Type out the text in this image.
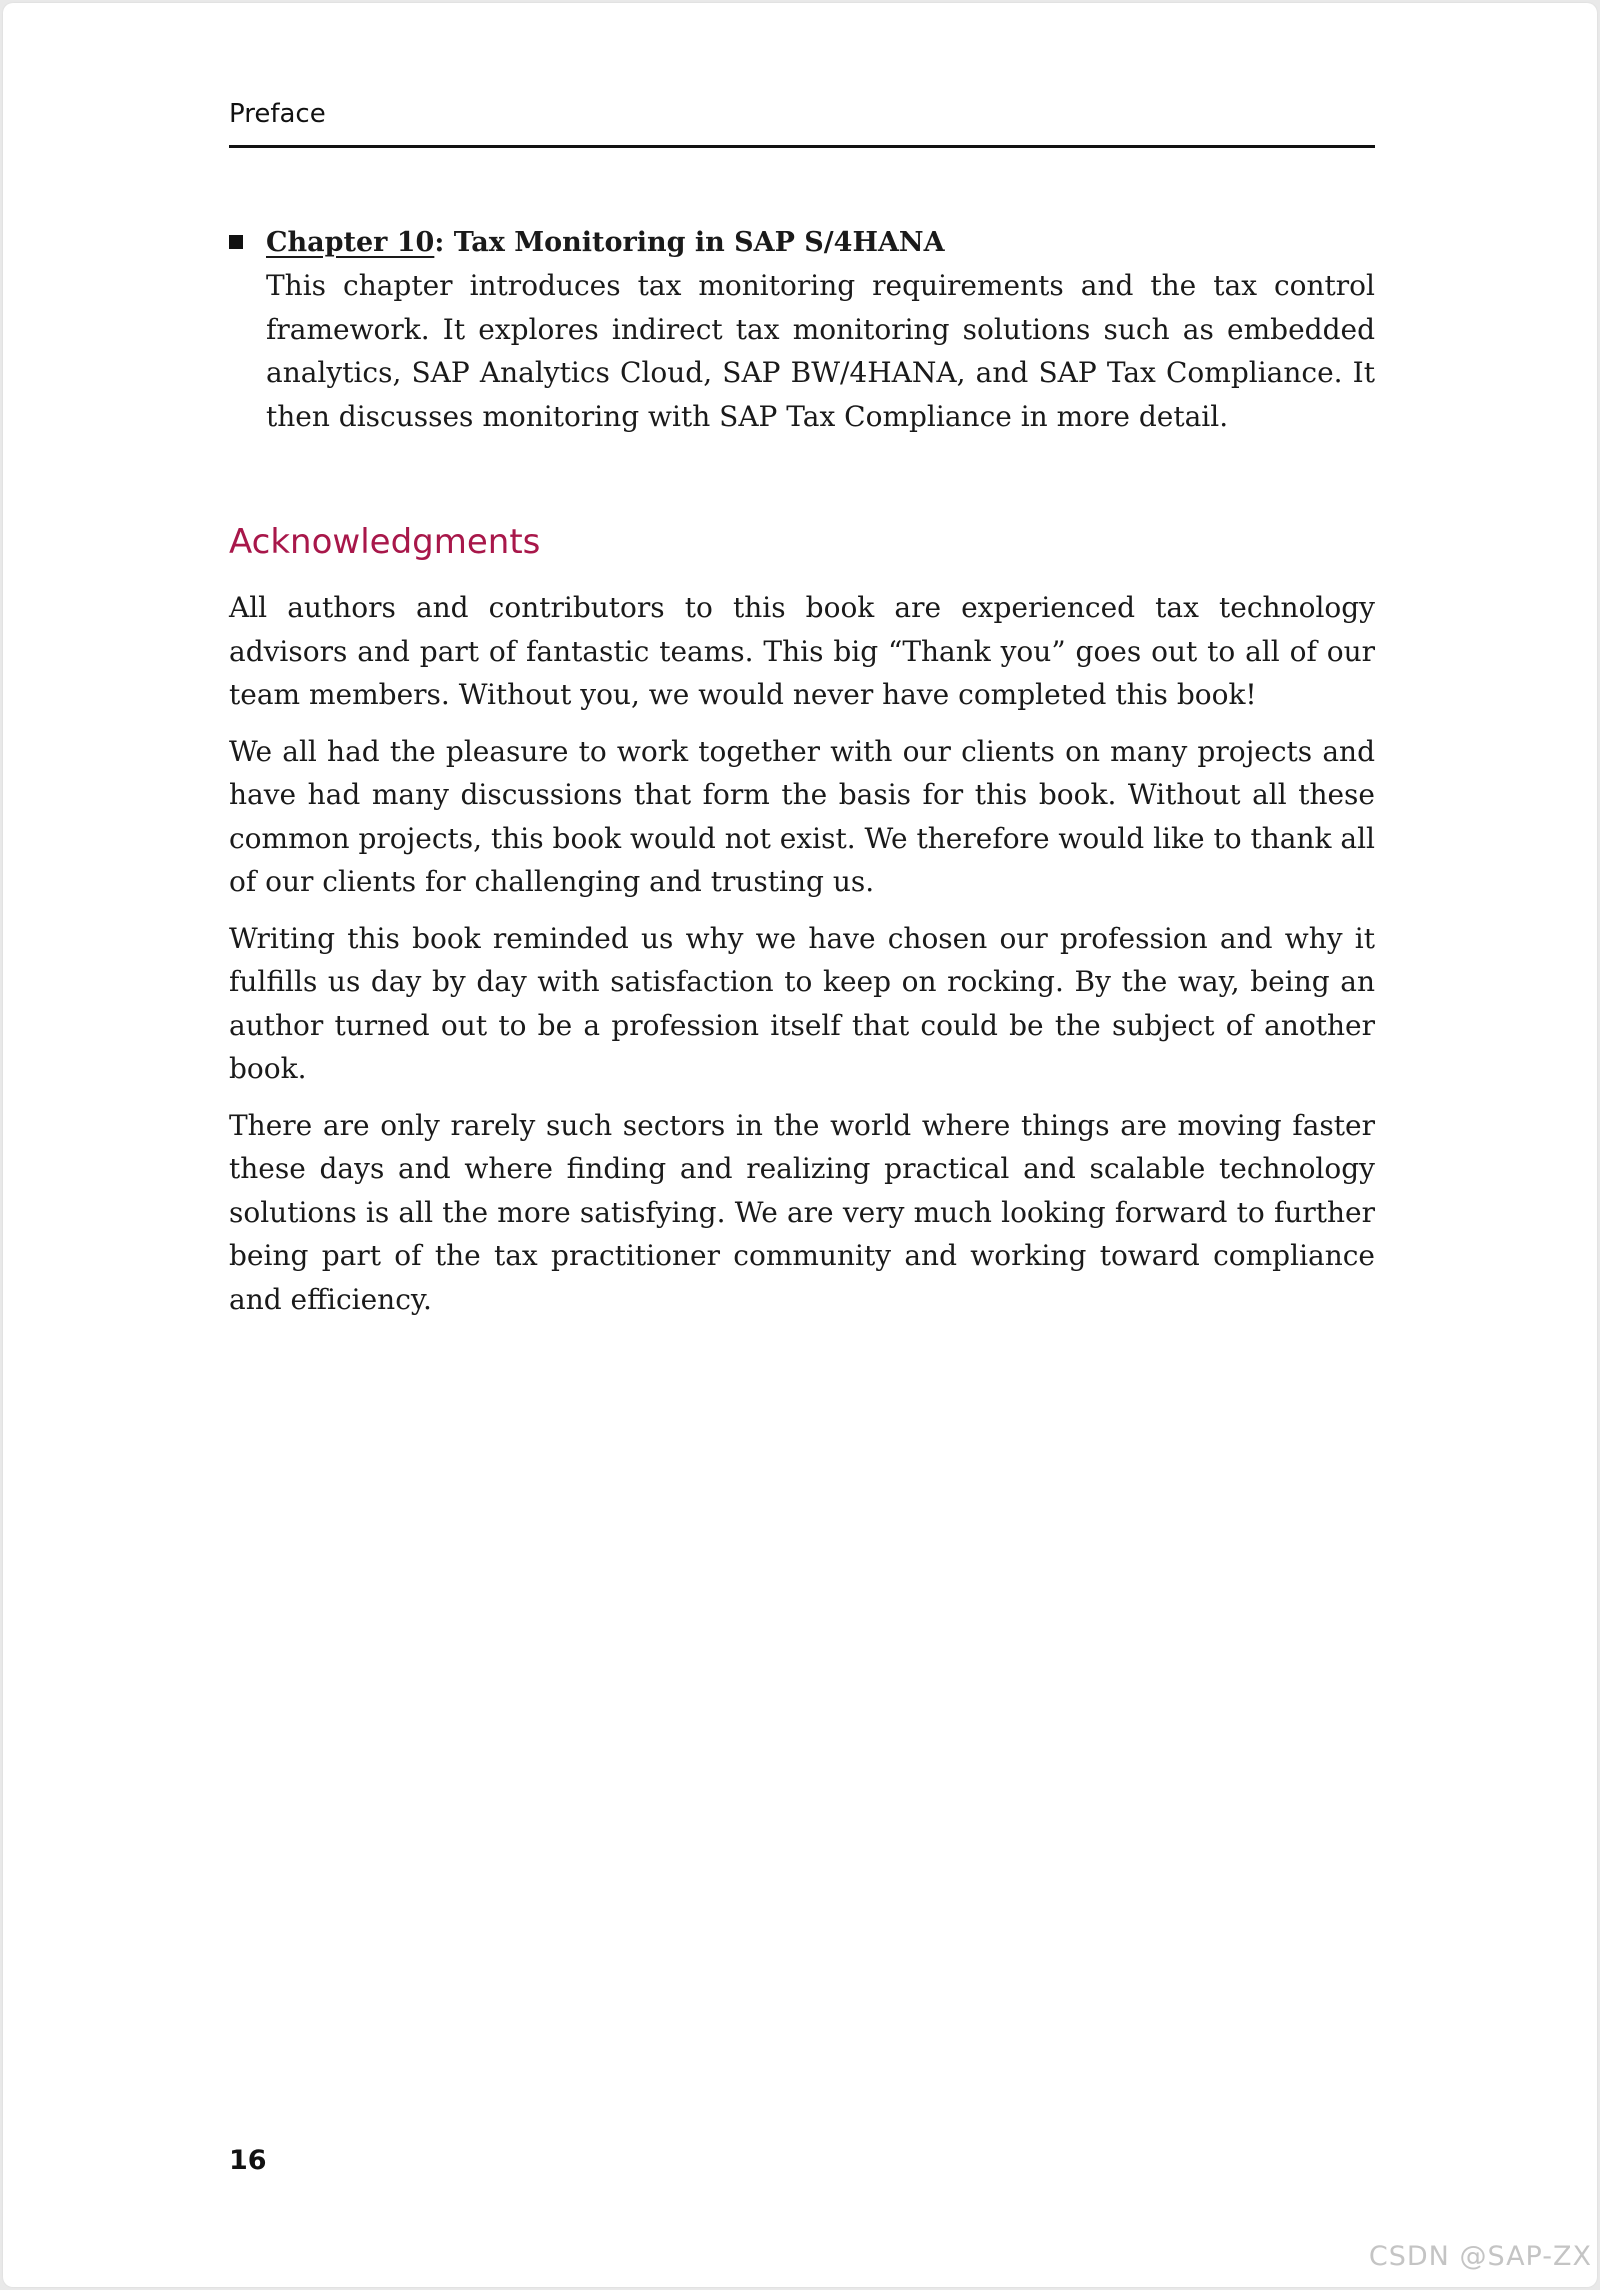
Preface
Chapter 10: Tax Monitoring in SAP S/4HANA

This chapter introduces tax monitoring requirements and the tax control framework. It explores indirect tax monitoring solutions such as embedded analytics, SAP Analytics Cloud, SAP BW/4HANA, and SAP Tax Compliance. It then discusses monitoring with SAP Tax Compliance in more detail.

Acknowledgments

All authors and contributors to this book are experienced tax technology advisors and part of fantastic teams. This big “Thank you” goes out to all of our team members. Without you, we would never have completed this book!

We all had the pleasure to work together with our clients on many projects and have had many discussions that form the basis for this book. Without all these common projects, this book would not exist. We therefore would like to thank all of our clients for challenging and trusting us.

Writing this book reminded us why we have chosen our profession and why it fulfills us day by day with satisfaction to keep on rocking. By the way, being an author turned out to be a profession itself that could be the subject of another book.

There are only rarely such sectors in the world where things are moving faster these days and where finding and realizing practical and scalable technology solutions is all the more satisfying. We are very much looking forward to further being part of the tax practitioner community and working toward compliance and efficiency.

16
CSDN @SAP-ZX
